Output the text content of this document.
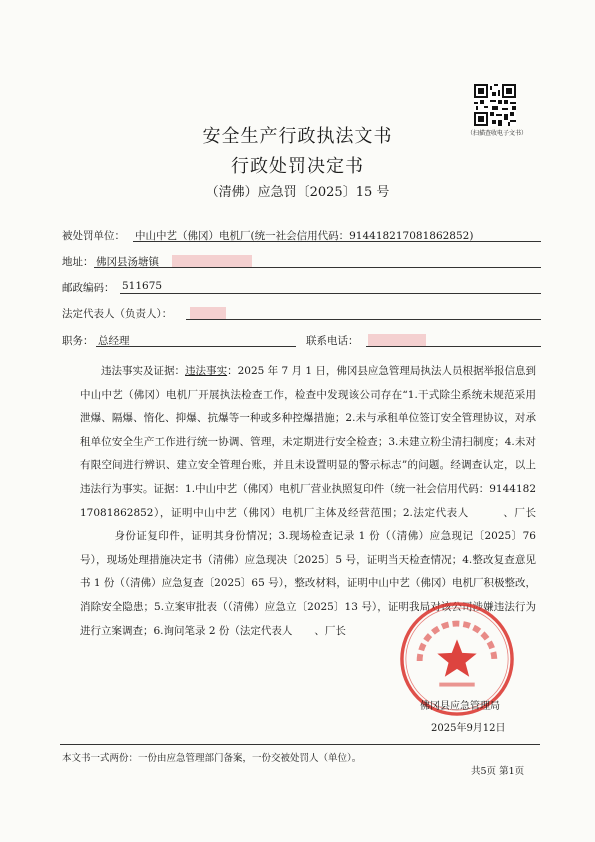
（扫描查收电子文书）
安全生产行政执法文书
行政处罚决定书
（清佛）应急罚〔2025〕15 号
被处罚单位： 中山中艺（佛冈）电机厂(统一社会信用代码：914418217081862852)
地址： 佛冈县汤塘镇
邮政编码： 511675
法定代表人（负责人）：
职务： 总经理	联系电话：
违法事实及证据：违法事实：2025 年 7 月 1 日，佛冈县应急管理局执法人员根据举报信息到中山中艺（佛冈）电机厂开展执法检查工作，检查中发现该公司存在“1.干式除尘系统未规范采用泄爆、隔爆、惰化、抑爆、抗爆等一种或多种控爆措施；2.未与承租单位签订安全管理协议，对承租单位安全生产工作进行统一协调、管理，未定期进行安全检查；3.未建立粉尘清扫制度；4.未对有限空间进行辨识、建立安全管理台账，并且未设置明显的警示标志”的问题。经调查认定，以上违法行为事实。证据：1.中山中艺（佛冈）电机厂营业执照复印件（统一社会信用代码：914418217081862852），证明中山中艺（佛冈）电机厂主体及经营范围；2.法定代表人	、厂长身份证复印件，证明其身份情况；3.现场检查记录 1 份（（清佛）应急现记〔2025〕76 号），现场处理措施决定书（清佛）应急现决〔2025〕5 号，证明当天检查情况；4.整改复查意见书 1 份（（清佛）应急复查〔2025〕65 号），整改材料，证明中山中艺（佛冈）电机厂积极整改，消除安全隐患；5.立案审批表（（清佛）应急立〔2025〕13 号），证明我局对该公司涉嫌违法行为进行立案调查；6.询问笔录 2 份（法定代表人 、厂长
佛冈县应急管理局
2025年9月12日
本文书一式两份：一份由应急管理部门备案，一份交被处罚人（单位）。
共5页 第1页
